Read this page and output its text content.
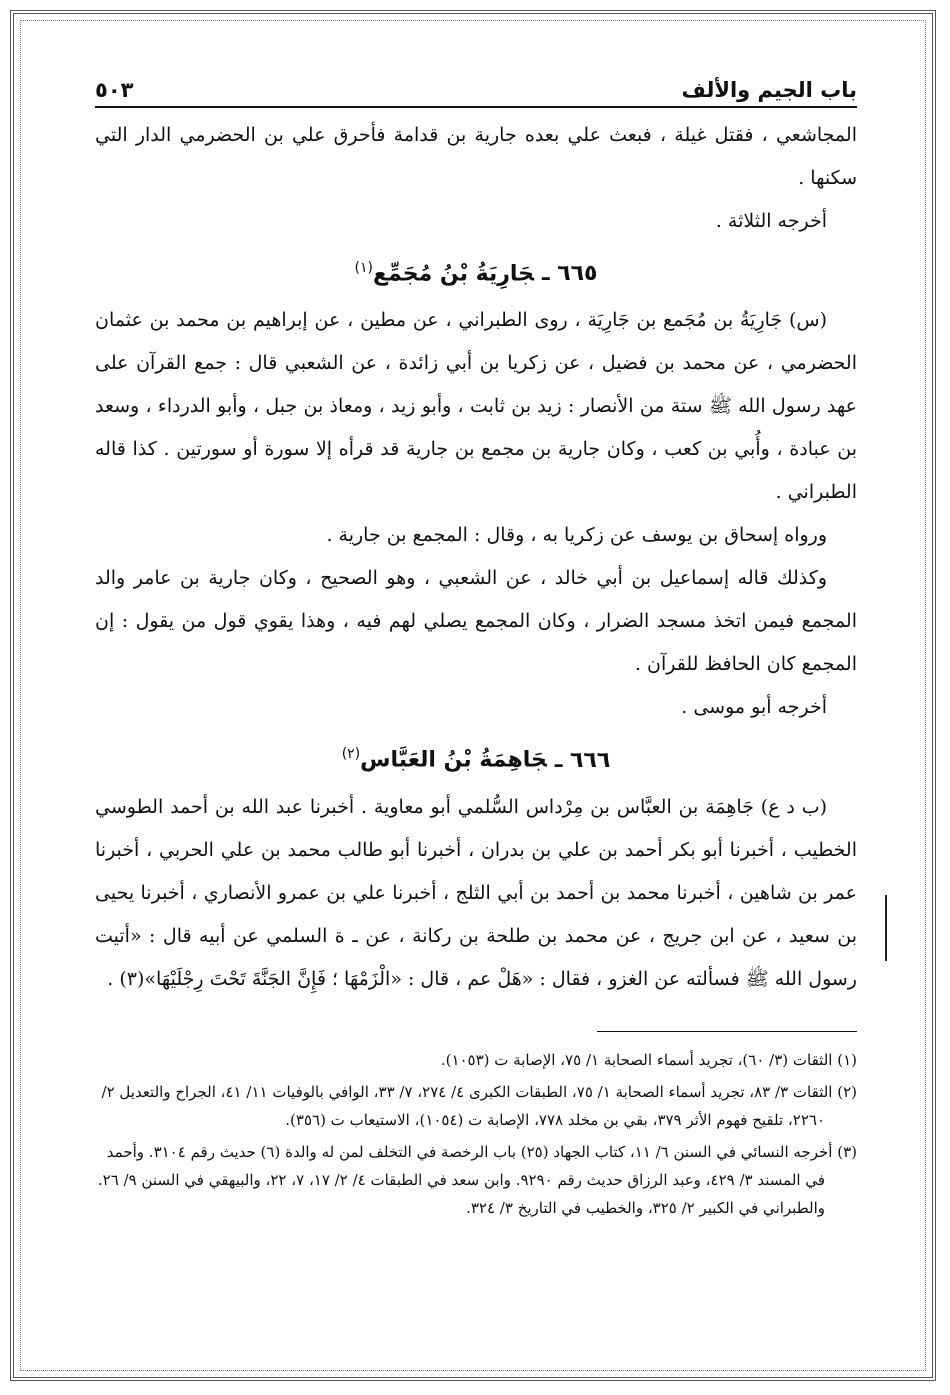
باب الجيم والألف
٥٠٣

المجاشعي ، فقتل غيلة ، فبعث علي بعده جارية بن قدامة فأحرق علي بن الحضرمي الدار التي سكنها .

أخرجه الثلاثة .

٦٦٥ ـجَارِيَةُ بْنُ مُجَمِّع$^{(١)}$

(س) جَارِيَةُ بن مُجَمع بن جَارِيَة ، روى الطبراني ، عن مطين ، عن إبراهيم بن محمد بن عثمان الحضرمي ، عن محمد بن فضيل ، عن زكريا بن أبي زائدة ، عن الشعبي قال : جمع القرآن على عهد رسول الله ﷺ ستة من الأنصار : زيد بن ثابت ، وأبو زيد ، ومعاذ بن جبل ، وأبو الدرداء ، وسعد بن عبادة ، وأُبي بن كعب ، وكان جارية بن مجمع بن جارية قد قرأه إلا سورة أو سورتين . كذا قاله الطبراني .

ورواه إسحاق بن يوسف عن زكريا به ، وقال : المجمع بن جارية .

وكذلك قاله إسماعيل بن أبي خالد ، عن الشعبي ، وهو الصحيح ، وكان جارية بن عامر والد المجمع فيمن اتخذ مسجد الضرار ، وكان المجمع يصلي لهم فيه ، وهذا يقوي قول من يقول : إن المجمع كان الحافظ للقرآن .

أخرجه أبو موسى .

٦٦٦ ـجَاهِمَةُ بْنُ العَبَّاس$^{(٢)}$

(ب د ع) جَاهِمَة بن العبَّاس بن مِرْداس السُّلمي أبو معاوية . أخبرنا عبد الله بن أحمد الطوسي الخطيب ، أخبرنا أبو بكر أحمد بن علي بن بدران ، أخبرنا أبو طالب محمد بن علي الحربي ، أخبرنا عمر بن شاهين ، أخبرنا محمد بن أحمد بن أبي الثلج ، أخبرنا علي بن عمرو الأنصاري ، أخبرنا يحيى بن سعيد ، عن ابن جريج ، عن محمد بن طلحة بن ركانة ، عن ـ ة السلمي عن أبيه قال : «أتيت رسول الله ﷺ فسألته عن الغزو ، فقال : «هَلْ عم ، قال : «الْزَمْهَا ؛ فَإِنَّ الجَنَّةَ تَحْتَ رِجْلَيْهَا»(٣) .

(١) الثقات (٣/ ٦٠)، تجريد أسماء الصحابة ١/ ٧٥، الإصابة ت (١٠٥٣).

(٢) الثقات ٣/ ٨٣، تجريد أسماء الصحابة ١/ ٧٥، الطبقات الكبرى ٤/ ٢٧٤، ٧/ ٣٣، الوافي بالوفيات ١١/ ٤١، الجراح والتعديل ٢/ ٢٢٦٠، تلقيح فهوم الأثر ٣٧٩، بقي بن مخلد ٧٧٨، الإصابة ت (١٠٥٤)، الاستيعاب ت (٣٥٦).

(٣) أخرجه النسائي في السنن ٦/ ١١، كتاب الجهاد (٢٥) باب الرخصة في التخلف لمن له والدة (٦) حديث رقم ٣١٠٤. وأحمد في المسند ٣/ ٤٢٩، وعبد الرزاق حديث رقم ٩٢٩٠. وابن سعد في الطبقات ٤/ ٢/ ١٧، ٧، ٢٢، والبيهقي في السنن ٩/ ٢٦. والطبراني في الكبير ٢/ ٣٢٥، والخطيب في التاريخ ٣/ ٣٢٤.
